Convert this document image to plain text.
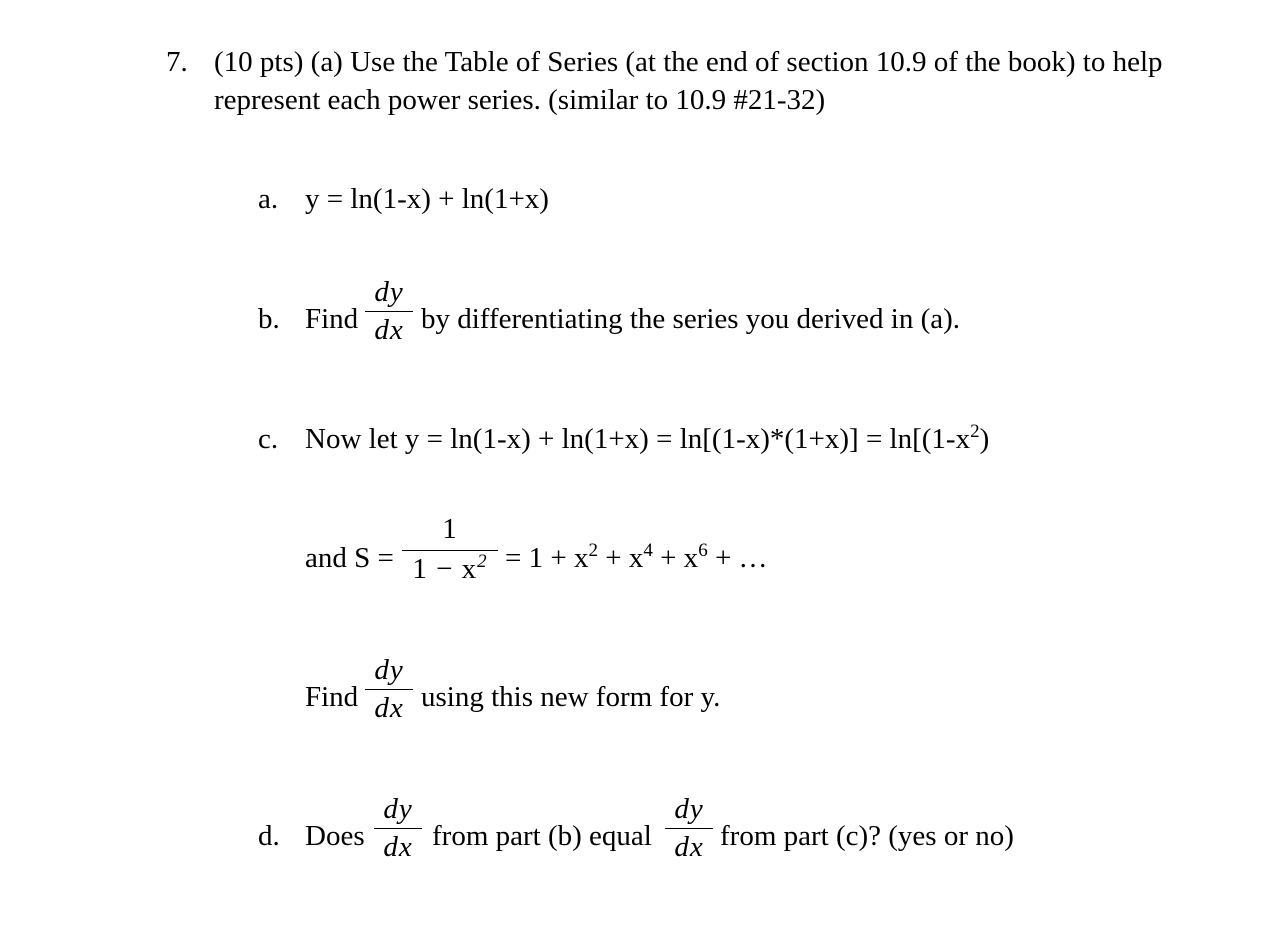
7. (10 pts) (a) Use the Table of Series (at the end of section 10.9 of the book) to help
represent each power series. (similar to 10.9 #21-32)
a. y = ln(1-x) + ln(1+x)
b. Find
dy
dx by differentiating the series you derived in (a).
c. Now let $y = \ln(1-x) + \ln(1+x) = \ln[(1-x)*(1+x)] = \ln[(1-x^2)$
and S =
1
$1 - x^2 = 1 + x^2 + x^4 + x^6$ + …
Find
dy
dx using this new form for y.
d. Does
dy
dx from part (b) equal
dy
dx from part (c)? (yes or no)
